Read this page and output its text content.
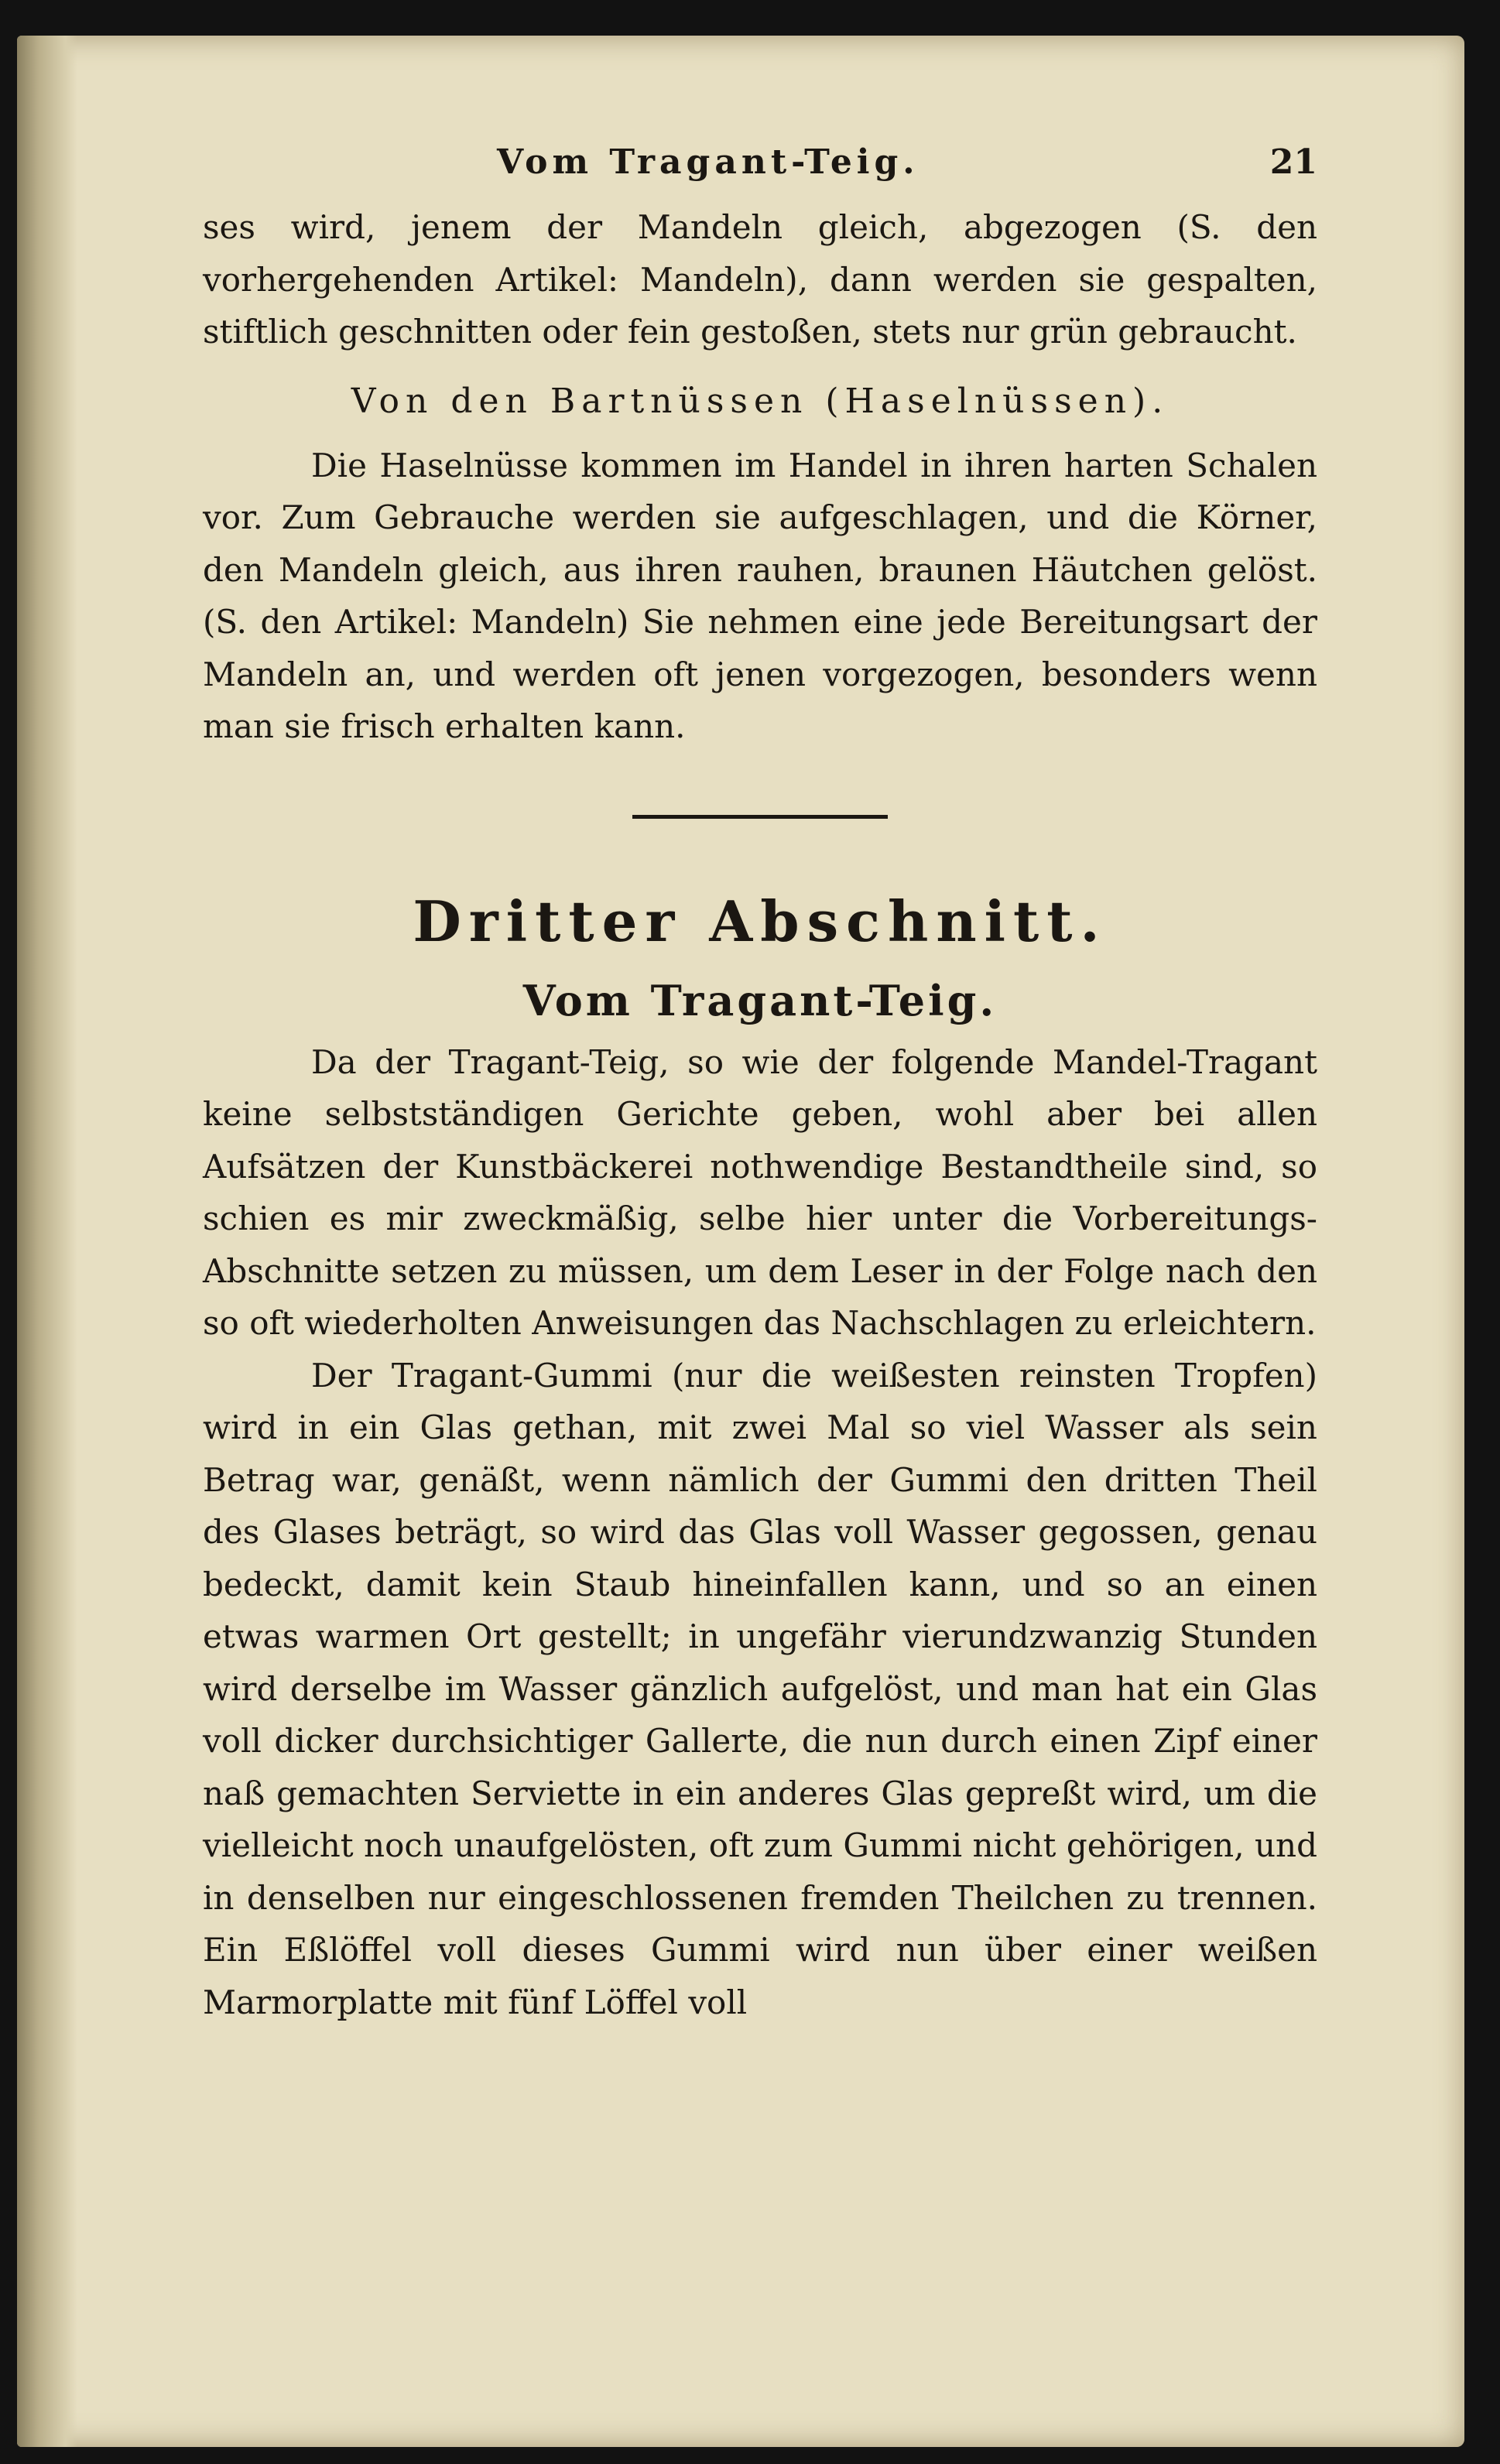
Vom Tragant-Teig.	21

ses wird, jenem der Mandeln gleich, abgezogen (S. den vorhergehenden Artikel: Mandeln), dann werden sie gespalten, stiftlich geschnitten oder fein gestoßen, stets nur grün gebraucht.

Von den Bartnüssen (Haselnüssen).

Die Haselnüsse kommen im Handel in ihren harten Schalen vor. Zum Gebrauche werden sie aufgeschlagen, und die Körner, den Mandeln gleich, aus ihren rauhen, braunen Häutchen gelöst. (S. den Artikel: Mandeln) Sie nehmen eine jede Bereitungsart der Mandeln an, und werden oft jenen vorgezogen, besonders wenn man sie frisch erhalten kann.

Dritter Abschnitt.
Vom Tragant-Teig.

Da der Tragant-Teig, so wie der folgende Mandel-Tragant keine selbstständigen Gerichte geben, wohl aber bei allen Aufsätzen der Kunstbäckerei nothwendige Bestandtheile sind, so schien es mir zweckmäßig, selbe hier unter die Vorbereitungs-Abschnitte setzen zu müssen, um dem Leser in der Folge nach den so oft wiederholten Anweisungen das Nachschlagen zu erleichtern.

Der Tragant-Gummi (nur die weißesten reinsten Tropfen) wird in ein Glas gethan, mit zwei Mal so viel Wasser als sein Betrag war, genäßt, wenn nämlich der Gummi den dritten Theil des Glases beträgt, so wird das Glas voll Wasser gegossen, genau bedeckt, damit kein Staub hineinfallen kann, und so an einen etwas warmen Ort gestellt; in ungefähr vierundzwanzig Stunden wird derselbe im Wasser gänzlich aufgelöst, und man hat ein Glas voll dicker durchsichtiger Gallerte, die nun durch einen Zipf einer naß gemachten Serviette in ein anderes Glas gepreßt wird, um die vielleicht noch unaufgelösten, oft zum Gummi nicht gehörigen, und in denselben nur eingeschlossenen fremden Theilchen zu trennen. Ein Eßlöffel voll dieses Gummi wird nun über einer weißen Marmorplatte mit fünf Löffel voll
